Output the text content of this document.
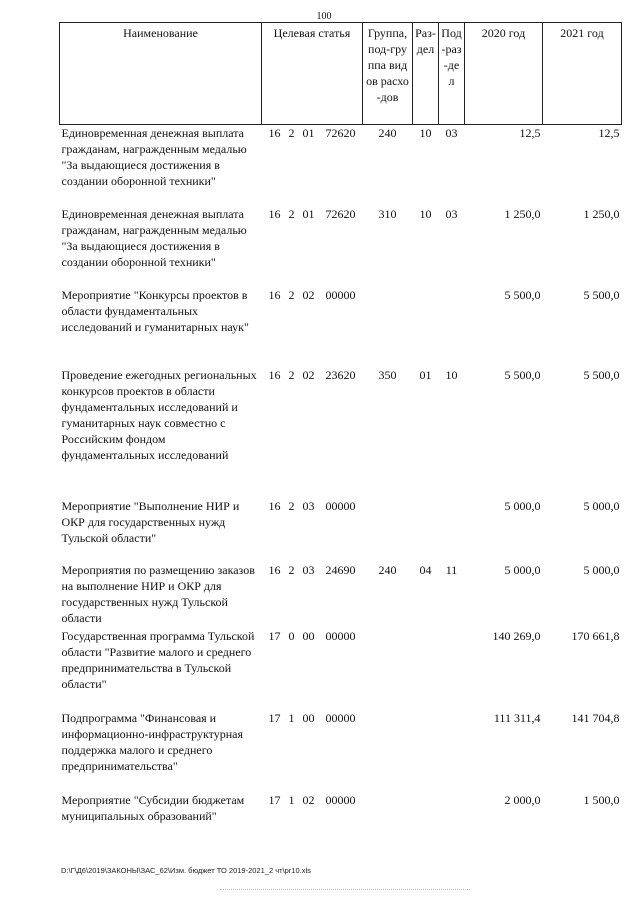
100
Наименование	Целевая статья	Группа, под-группа видов расхо-дов	Раз-дел	Под-раз-дел	2020 год	2021 год
Единовременная денежная выплата гражданам, награжденным медалью "За выдающиеся достижения в создании оборонной техники"	16 2 01 72620	240	10	03	12,5	12,5
Единовременная денежная выплата гражданам, награжденным медалью "За выдающиеся достижения в создании оборонной техники"	16 2 01 72620	310	10	03	1 250,0	1 250,0
Мероприятие "Конкурсы проектов в области фундаментальных исследований и гуманитарных наук"	16 2 02 00000				5 500,0	5 500,0
Проведение ежегодных региональных конкурсов проектов в области фундаментальных исследований и гуманитарных наук совместно с Российским фондом фундаментальных исследований	16 2 02 23620	350	01	10	5 500,0	5 500,0
Мероприятие "Выполнение НИР и ОКР для государственных нужд Тульской области"	16 2 03 00000				5 000,0	5 000,0
Мероприятия по размещению заказов на выполнение НИР и ОКР для государственных нужд Тульской области	16 2 03 24690	240	04	11	5 000,0	5 000,0
Государственная программа Тульской области "Развитие малого и среднего предпринимательства в Тульской области"	17 0 00 00000				140 269,0	170 661,8
Подпрограмма "Финансовая и информационно-инфраструктурная поддержка малого и среднего предпринимательства"	17 1 00 00000				111 311,4	141 704,8
Мероприятие "Субсидии бюджетам муниципальных образований"	17 1 02 00000				2 000,0	1 500,0
D:\Г\Д6\2019\ЗАКОНЫ\ЗАС_62\Изм. бюджет ТО 2019-2021_2 чт\pr10.xls
